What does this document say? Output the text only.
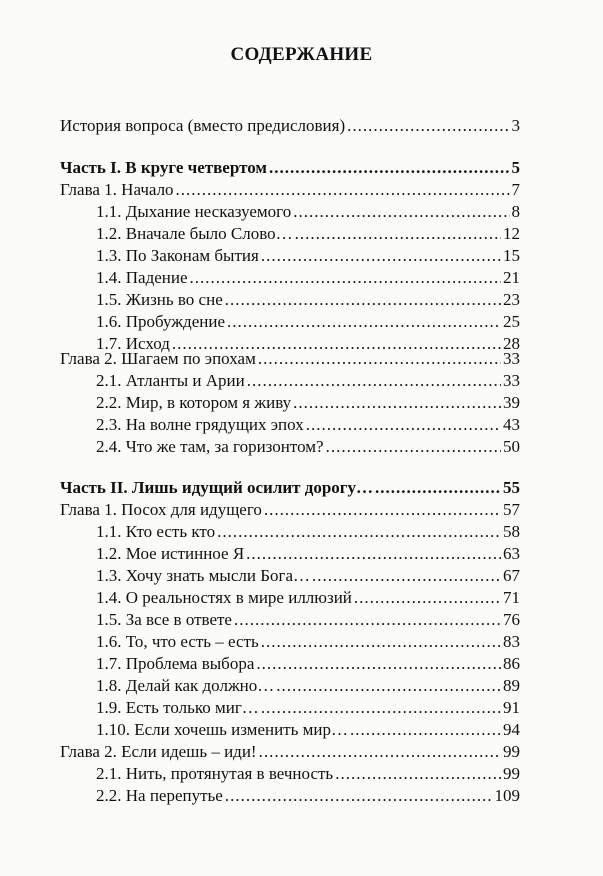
СОДЕРЖАНИЕ
История вопроса (вместо предисловия) .....	3
Часть I. В круге четвертом .....	5
Глава 1. Начало .....	7
1.1. Дыхание несказуемого .....	8
1.2. Вначале было Слово… .....	12
1.3. По Законам бытия .....	15
1.4. Падение .....	21
1.5. Жизнь во сне .....	23
1.6. Пробуждение .....	25
1.7. Исход .....	28
Глава 2. Шагаем по эпохам .....	33
2.1. Атланты и Арии .....	33
2.2. Мир, в котором я живу .....	39
2.3. На волне грядущих эпох .....	43
2.4. Что же там, за горизонтом? .....	50
Часть II. Лишь идущий осилит дорогу… .....	55
Глава 1. Посох для идущего .....	57
1.1. Кто есть кто .....	58
1.2. Мое истинное Я .....	63
1.3. Хочу знать мысли Бога… .....	67
1.4. О реальностях в мире иллюзий .....	71
1.5. За все в ответе .....	76
1.6. То, что есть – есть .....	83
1.7. Проблема выбора .....	86
1.8. Делай как должно… .....	89
1.9. Есть только миг… .....	91
1.10. Если хочешь изменить мир… .....	94
Глава 2. Если идешь – иди! .....	99
2.1. Нить, протянутая в вечность .....	99
2.2. На перепутье .....	109
